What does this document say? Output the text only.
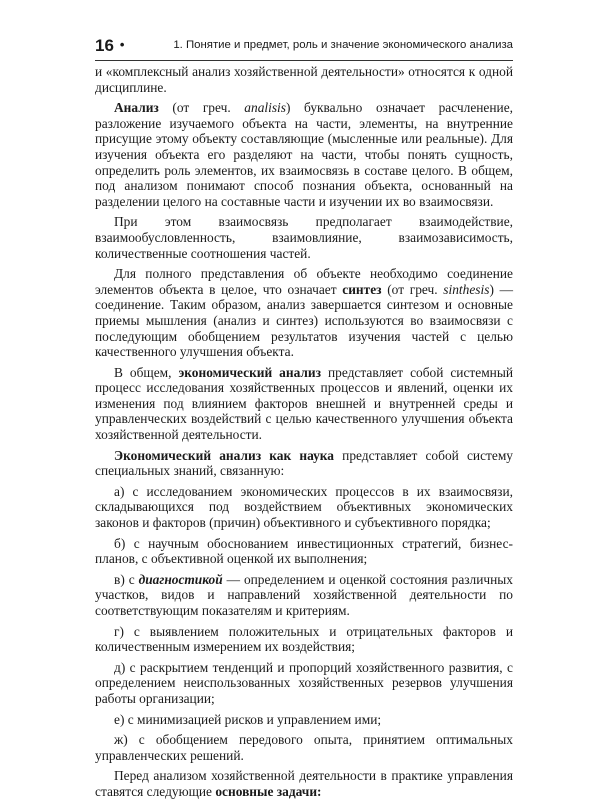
16 •	1. Понятие и предмет, роль и значение экономического анализа

и «комплексный анализ хозяйственной деятельности» относятся к одной
дисциплине.

Анализ (от греч. analisis) буквально означает расчленение, разложение изучаемого объекта на части, элементы, на внутренние присущие этому объекту составляющие (мысленные или реальные). Для изучения объекта его разделяют на части, чтобы понять сущность, определить роль элементов, их взаимосвязь в составе целого. В общем, под анализом понимают способ познания объекта, основанный на разделении целого на составные части и изучении их во взаимосвязи.

При этом взаимосвязь предполагает взаимодействие, взаимообусловленность, взаимовлияние, взаимозависимость, количественные соотношения частей.

Для полного представления об объекте необходимо соединение элементов объекта в целое, что означает синтез (от греч. sinthesis) — соединение. Таким образом, анализ завершается синтезом и основные приемы мышления (анализ и синтез) используются во взаимосвязи с последующим обобщением результатов изучения частей с целью качественного улучшения объекта.

В общем, экономический анализ представляет собой системный процесс исследования хозяйственных процессов и явлений, оценки их изменения под влиянием факторов внешней и внутренней среды и управленческих воздействий с целью качественного улучшения объекта хозяйственной деятельности.

Экономический анализ как наука представляет собой систему специальных знаний, связанную:

а) с исследованием экономических процессов в их взаимосвязи, складывающихся под воздействием объективных экономических законов и факторов (причин) объективного и субъективного порядка;

б) с научным обоснованием инвестиционных стратегий, бизнес-планов, с объективной оценкой их выполнения;

в) с диагностикой — определением и оценкой состояния различных участков, видов и направлений хозяйственной деятельности по соответствующим показателям и критериям.

г) с выявлением положительных и отрицательных факторов и количественным измерением их воздействия;

д) с раскрытием тенденций и пропорций хозяйственного развития, с определением неиспользованных хозяйственных резервов улучшения работы организации;

е) с минимизацией рисков и управлением ими;

ж) с обобщением передового опыта, принятием оптимальных управленческих решений.

Перед анализом хозяйственной деятельности в практике управления ставятся следующие основные задачи:
